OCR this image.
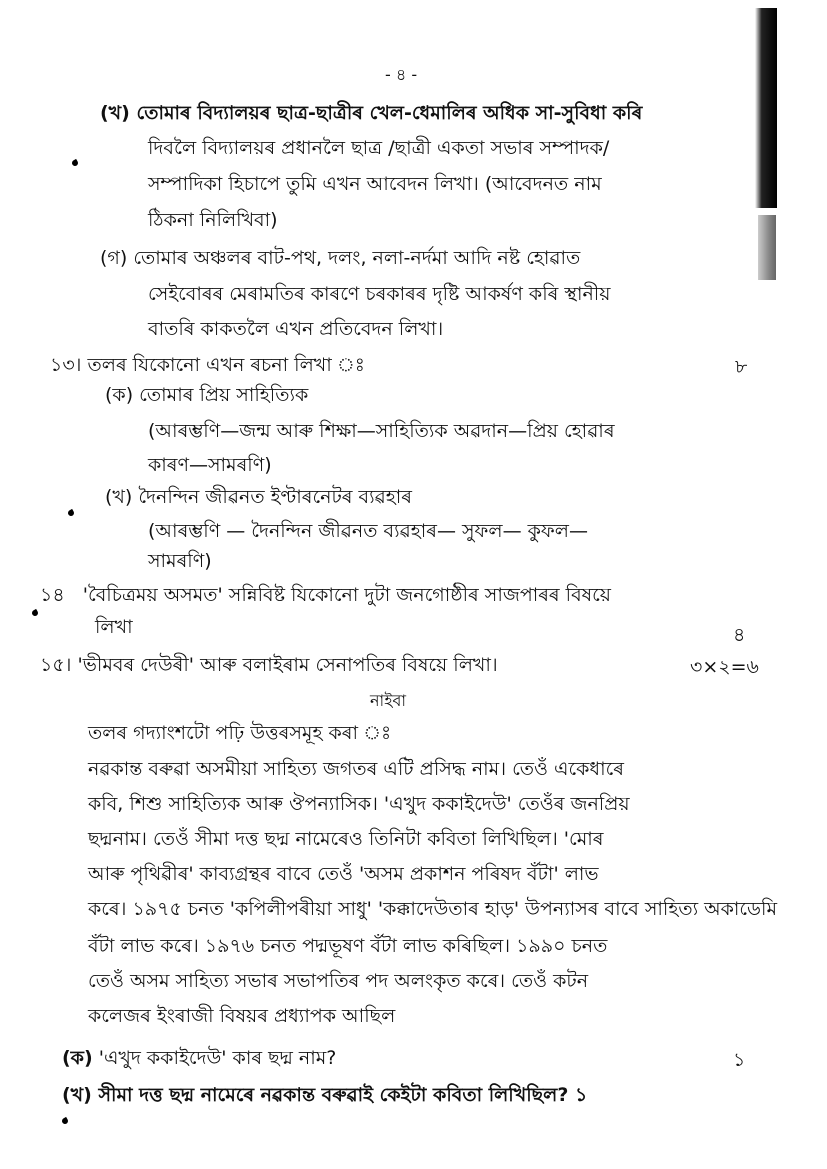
- ৪ -
(খ) তোমাৰ বিদ্যালয়ৰ ছাত্ৰ-ছাত্ৰীৰ খেল-ধেমালিৰ অধিক সা-সুবিধা কৰি
দিবলৈ বিদ্যালয়ৰ প্ৰধানলৈ ছাত্ৰ /ছাত্ৰী একতা সভাৰ সম্পাদক/
সম্পাদিকা হিচাপে তুমি এখন আবেদন লিখা। (আবেদনত নাম
ঠিকনা নিলিখিবা)
(গ) তোমাৰ অঞ্চলৰ বাট-পথ, দলং, নলা-নৰ্দমা আদি নষ্ট হোৱাত
সেইবোৰৰ মেৰামতিৰ কাৰণে চৰকাৰৰ দৃষ্টি আকৰ্ষণ কৰি স্থানীয়
বাতৰি কাকতলৈ এখন প্ৰতিবেদন লিখা।
১৩। তলৰ যিকোনো এখন ৰচনা লিখা ঃ	৮
(ক) তোমাৰ প্ৰিয় সাহিত্যিক
(আৰম্ভণি—জন্ম আৰু শিক্ষা—সাহিত্যিক অৱদান—প্ৰিয় হোৱাৰ
কাৰণ—সামৰণি)
(খ) দৈনন্দিন জীৱনত ইণ্টাৰনেটৰ ব্যৱহাৰ
(আৰম্ভণি — দৈনন্দিন জীৱনত ব্যৱহাৰ— সুফল— কুফল—
সামৰণি)
১৪ 'বৈচিত্ৰময় অসমত' সন্নিবিষ্ট যিকোনো দুটা জনগোষ্ঠীৰ সাজপাৰৰ বিষয়ে
লিখা	৪
১৫। 'ভীমবৰ দেউৰী' আৰু বলাইৰাম সেনাপতিৰ বিষয়ে লিখা।	৩×২=৬
নাইবা
তলৰ গদ্যাংশটো পঢ়ি উত্তৰসমূহ কৰা ঃ
নৱকান্ত বৰুৱা অসমীয়া সাহিত্য জগতৰ এটি প্ৰসিদ্ধ নাম। তেওঁ একেধাৰে
কবি, শিশু সাহিত্যিক আৰু ঔপন্যাসিক। 'এখুদ ককাইদেউ' তেওঁৰ জনপ্ৰিয়
ছদ্মনাম। তেওঁ সীমা দত্ত ছদ্ম নামেৰেও তিনিটা কবিতা লিখিছিল। 'মোৰ
আৰু পৃথিৱীৰ' কাব্যগ্ৰন্থৰ বাবে তেওঁ 'অসম প্ৰকাশন পৰিষদ বঁটা' লাভ
কৰে। ১৯৭৫ চনত 'কপিলীপৰীয়া সাধু' 'কক্কাদেউতাৰ হাড়' উপন্যাসৰ বাবে সাহিত্য অকাডেমি
বঁটা লাভ কৰে। ১৯৭৬ চনত পদ্মভূষণ বঁটা লাভ কৰিছিল। ১৯৯০ চনত
তেওঁ অসম সাহিত্য সভাৰ সভাপতিৰ পদ অলংকৃত কৰে। তেওঁ কটন
কলেজৰ ইংৰাজী বিষয়ৰ প্ৰধ্যাপক আছিল
(ক) 'এখুদ ককাইদেউ' কাৰ ছদ্ম নাম?	১
(খ) সীমা দত্ত ছদ্ম নামেৰে নৱকান্ত বৰুৱাই কেইটা কবিতা লিখিছিল? ১
